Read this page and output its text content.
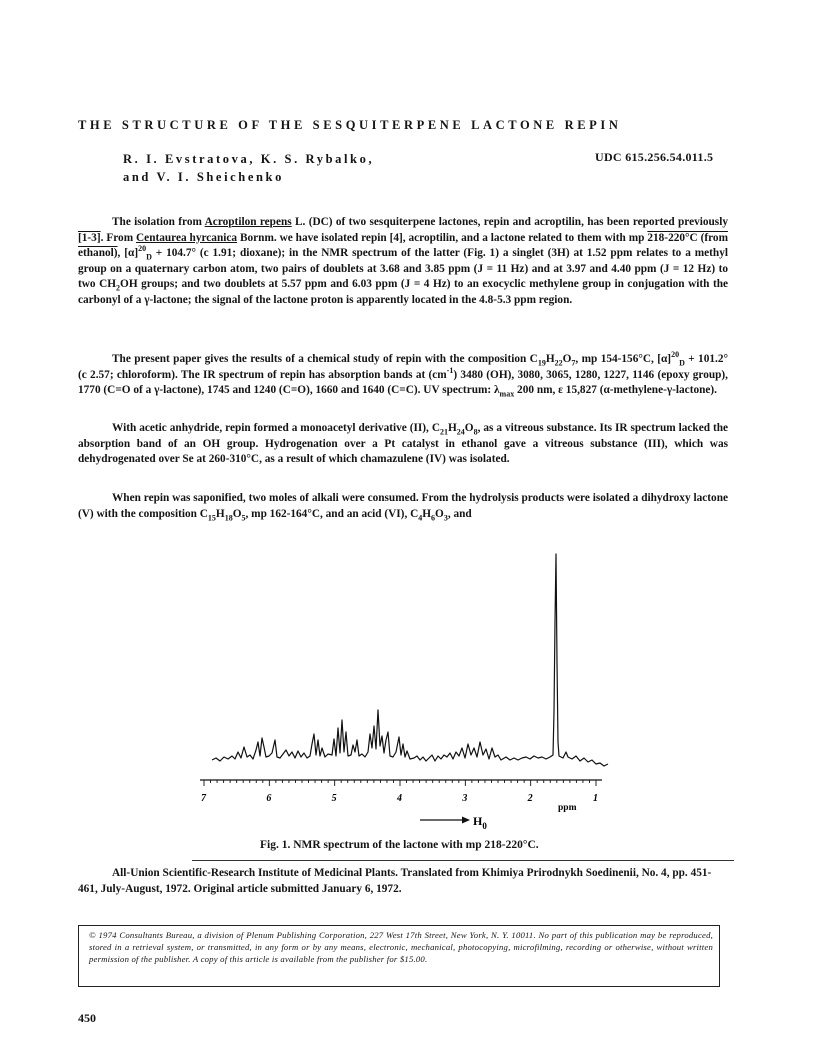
THE STRUCTURE OF THE SESQUITERPENE LACTONE REPIN
R. I. Evstratova, K. S. Rybalko,
and V. I. Sheichenko
UDC 615.256.54.011.5

The isolation from Acroptilon repens L. (DC) of two sesquiterpene lactones, repin and acroptilin, has been reported previously [1-3]. From Centaurea hyrcanica Bornm. we have isolated repin [4], acroptilin, and a lactone related to them with mp 218-220°C (from ethanol), $[\alpha]^{20}_D + 104.7^\circ$ (c 1.91; dioxane); in the NMR spectrum of the latter (Fig. 1) a singlet (3H) at 1.52 ppm relates to a methyl group on a quaternary carbon atom, two pairs of doublets at 3.68 and 3.85 ppm (J = 11 Hz) and at 3.97 and 4.40 ppm (J = 12 Hz) to two $CH_2OH$ groups; and two doublets at 5.57 ppm and 6.03 ppm (J = 4 Hz) to an exocyclic methylene group in conjugation with the carbonyl of a γ-lactone; the signal of the lactone proton is apparently located in the 4.8-5.3 ppm region.

The present paper gives the results of a chemical study of repin with the composition $C_{19}H_{22}O_7$, mp 154-156°C, $[\alpha]^{20}_D + 101.2^\circ$ (c 2.57; chloroform). The IR spectrum of repin has absorption bands at $(cm^{-1})$ 3480 (OH), 3080, 3065, 1280, 1227, 1146 (epoxy group), 1770 (C=O of a γ-lactone), 1745 and 1240 (C=O), 1660 and 1640 (C=C). UV spectrum: $\lambda_{max}$ 200 nm, ε 15,827 (α-methylene-γ-lactone).

With acetic anhydride, repin formed a monoacetyl derivative (II), $C_{21}H_{24}O_8$, as a vitreous substance. Its IR spectrum lacked the absorption band of an OH group. Hydrogenation over a Pt catalyst in ethanol gave a vitreous substance (III), which was dehydrogenated over Se at 260-310°C, as a result of which chamazulene (IV) was isolated.

When repin was saponified, two moles of alkali were consumed. From the hydrolysis products were isolated a dihydroxy lactone (V) with the composition $C_{15}H_{18}O_5$, mp 162-164°C, and an acid (VI), $C_4H_6O_3$, and

7	6	5	4	3	2	1
ppm
$H_0$
Fig. 1. NMR spectrum of the lactone with mp 218-220°C.

All-Union Scientific-Research Institute of Medicinal Plants. Translated from Khimiya Prirodnykh Soedinenii, No. 4, pp. 451-461, July-August, 1972. Original article submitted January 6, 1972.

© 1974 Consultants Bureau, a division of Plenum Publishing Corporation, 227 West 17th Street, New York, N. Y. 10011. No part of this publication may be reproduced, stored in a retrieval system, or transmitted, in any form or by any means, electronic, mechanical, photocopying, microfilming, recording or otherwise, without written permission of the publisher. A copy of this article is available from the publisher for $15.00.

450
